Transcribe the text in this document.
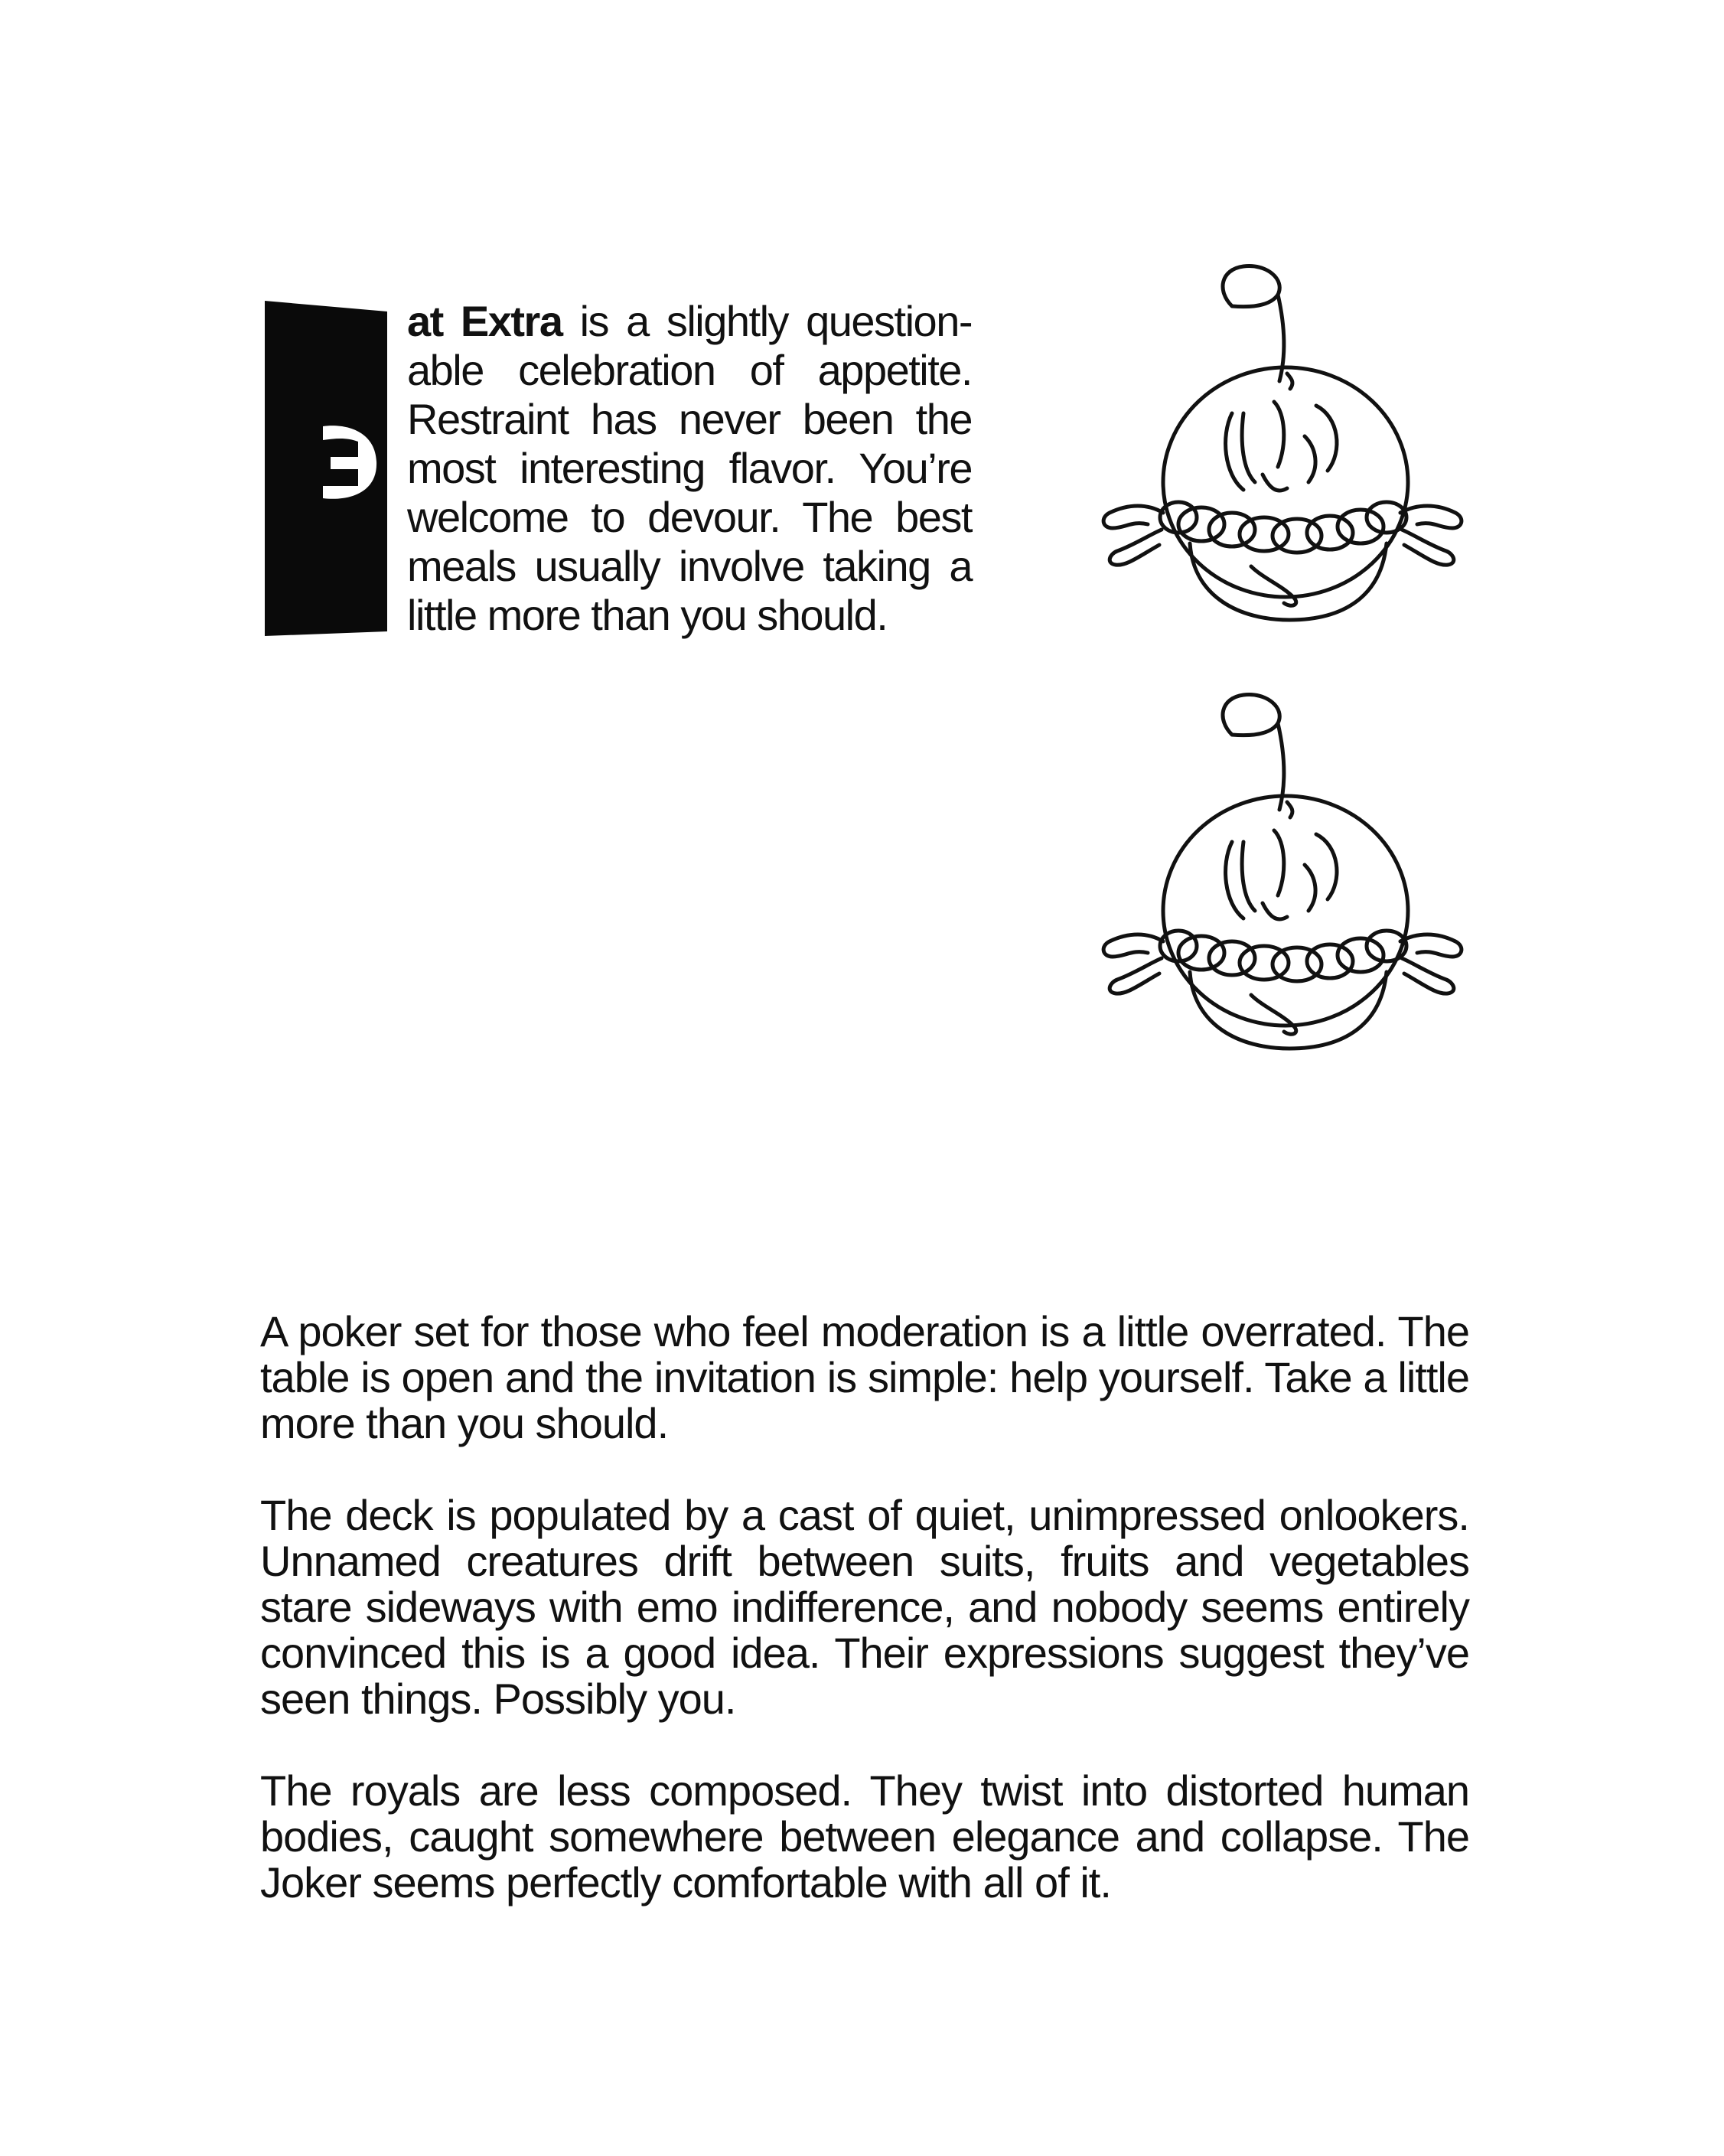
at Extra is a slightly question-able celebration of appetite. Restraint has never been the most interesting flavor. You’re welcome to devour. The best meals usually involve taking a little more than you should.

A poker set for those who feel moderation is a little overrated. The table is open and the invitation is simple: help yourself. Take a little more than you should.

The deck is populated by a cast of quiet, unimpressed onlookers. Unnamed creatures drift between suits, fruits and vegetables stare sideways with emo indifference, and nobody seems entirely convinced this is a good idea. Their expressions suggest they’ve seen things. Possibly you.

The royals are less composed. They twist into distorted human bodies, caught somewhere between elegance and collapse. The Joker seems perfectly comfortable with all of it.
